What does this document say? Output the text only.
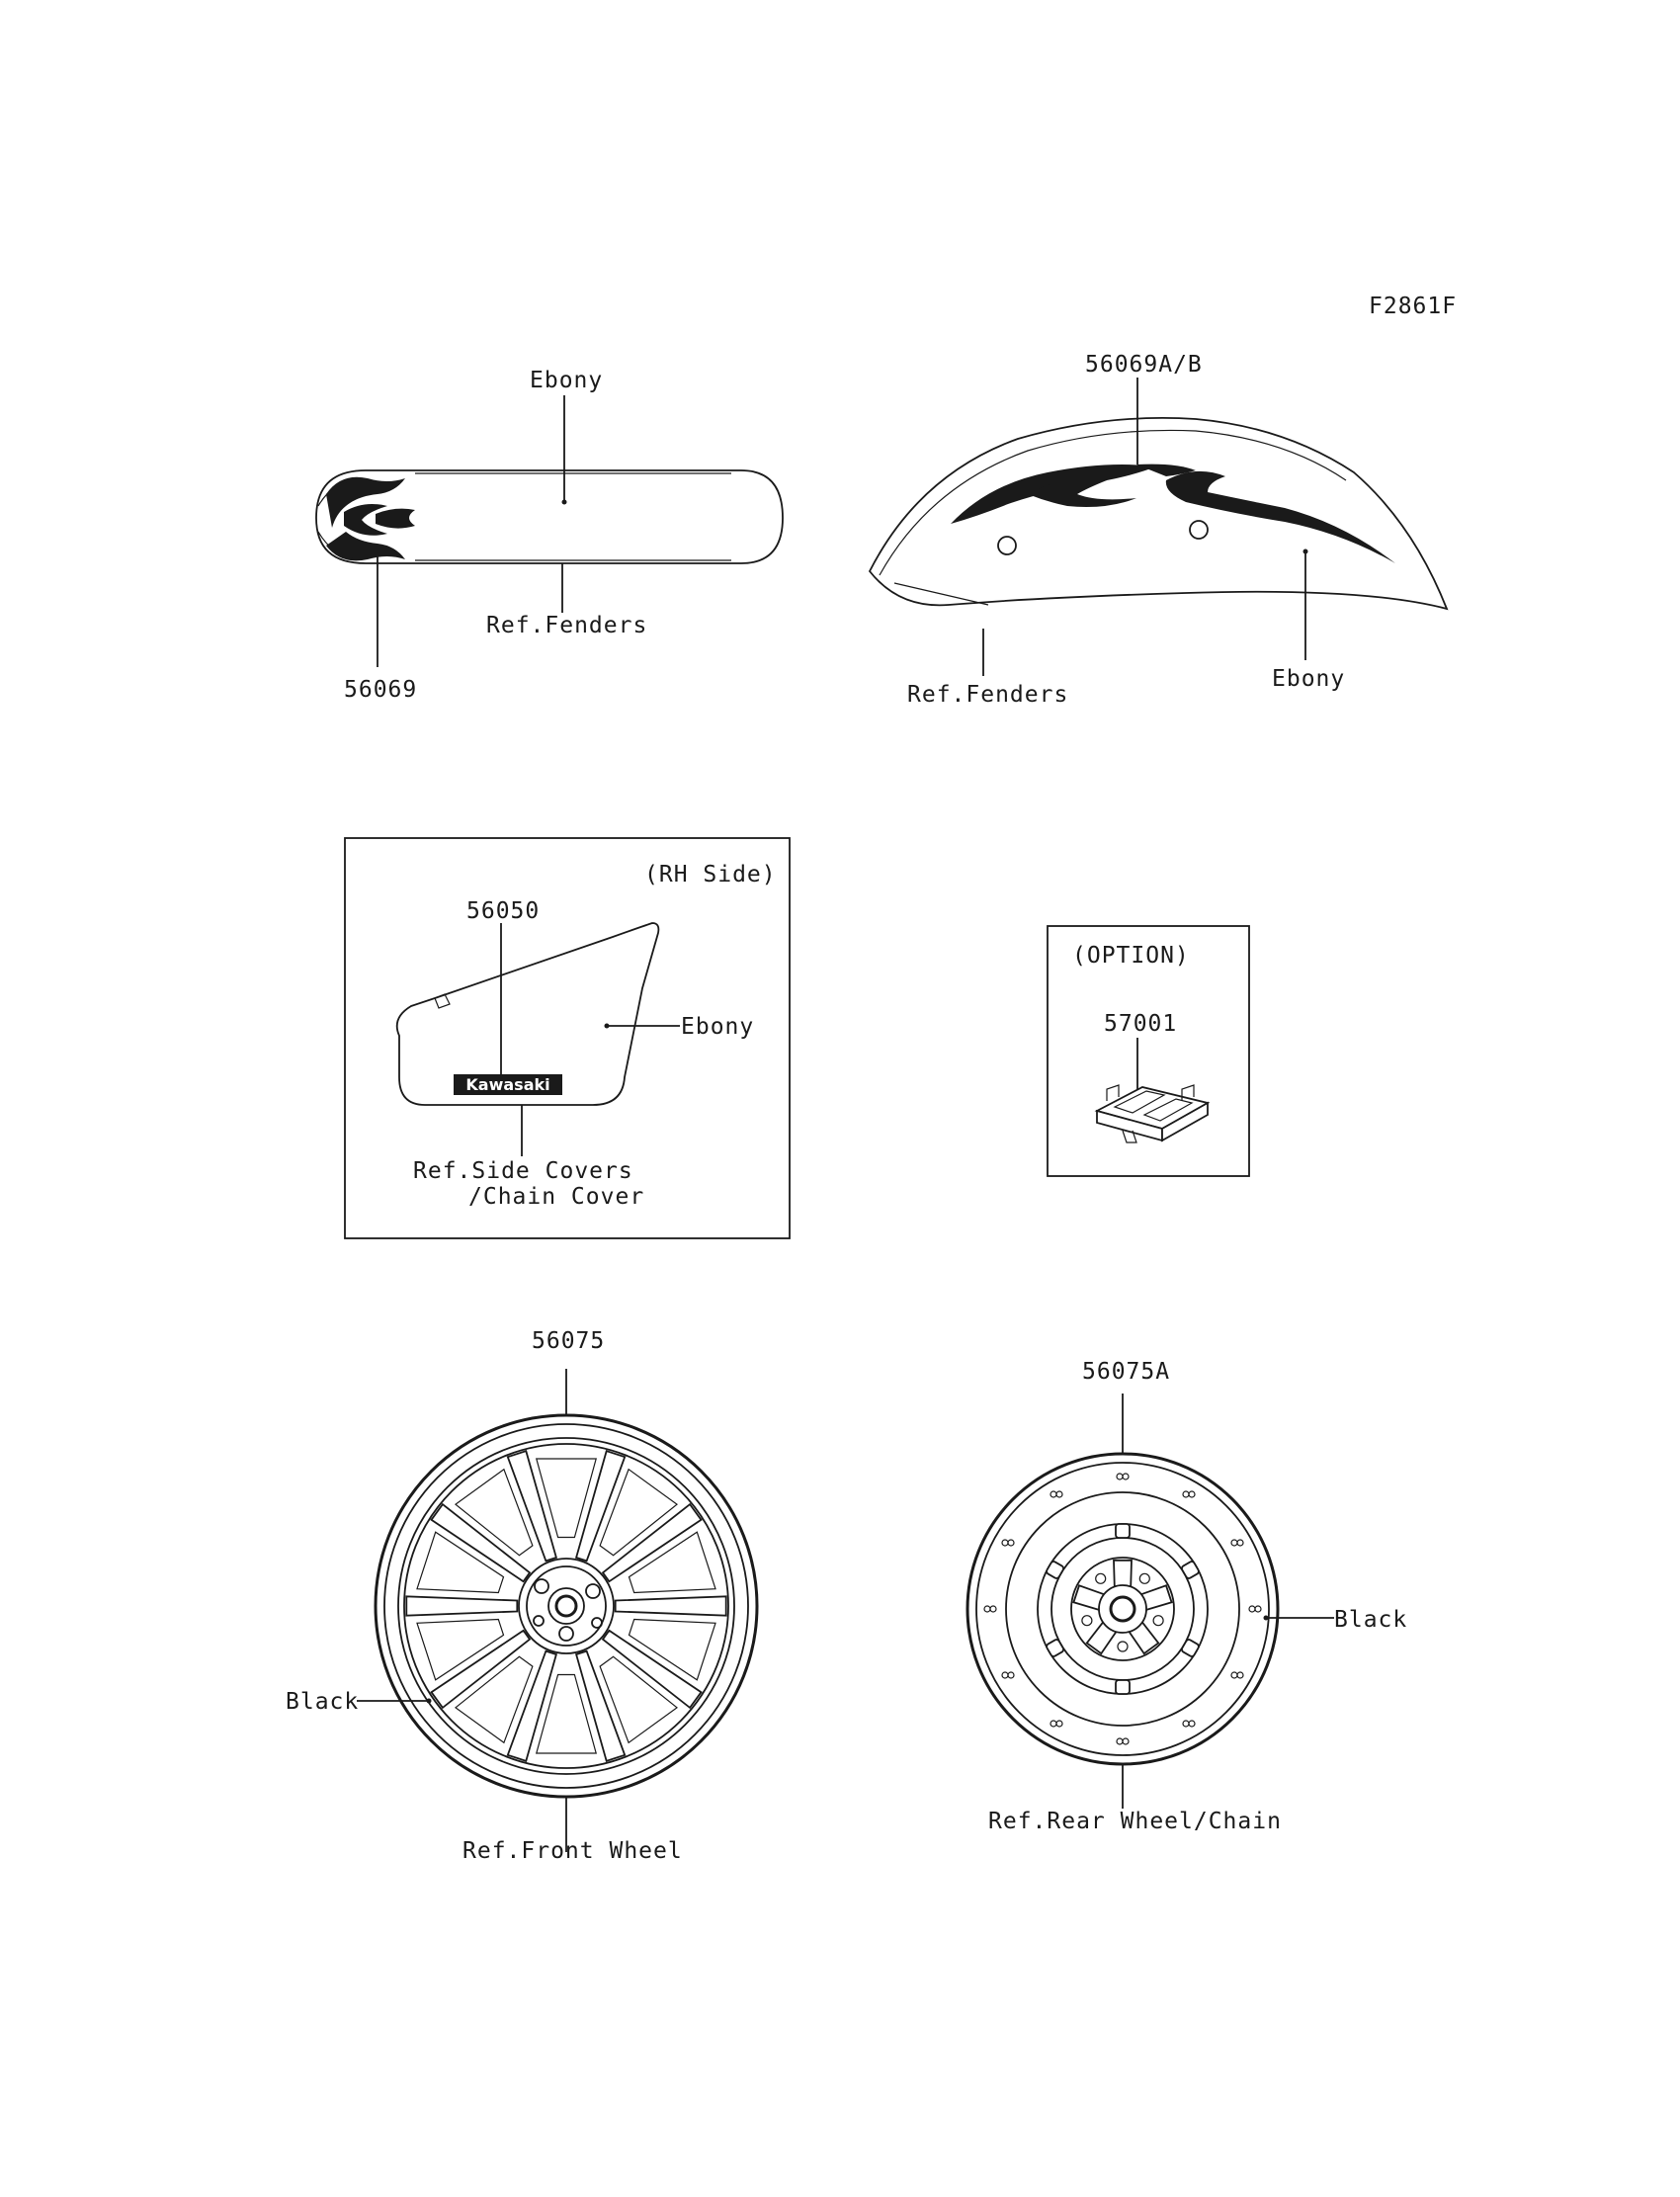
F2861F
Ebony
Ref.Fenders
56069
56069A/B
Ref.Fenders
Ebony
(RH Side)
Kawasaki
56050
Ebony
Ref.Side Covers
/Chain Cover
(OPTION)
57001
56075
Black
Ref.Front Wheel
56075A
Black
Ref.Rear Wheel/Chain
